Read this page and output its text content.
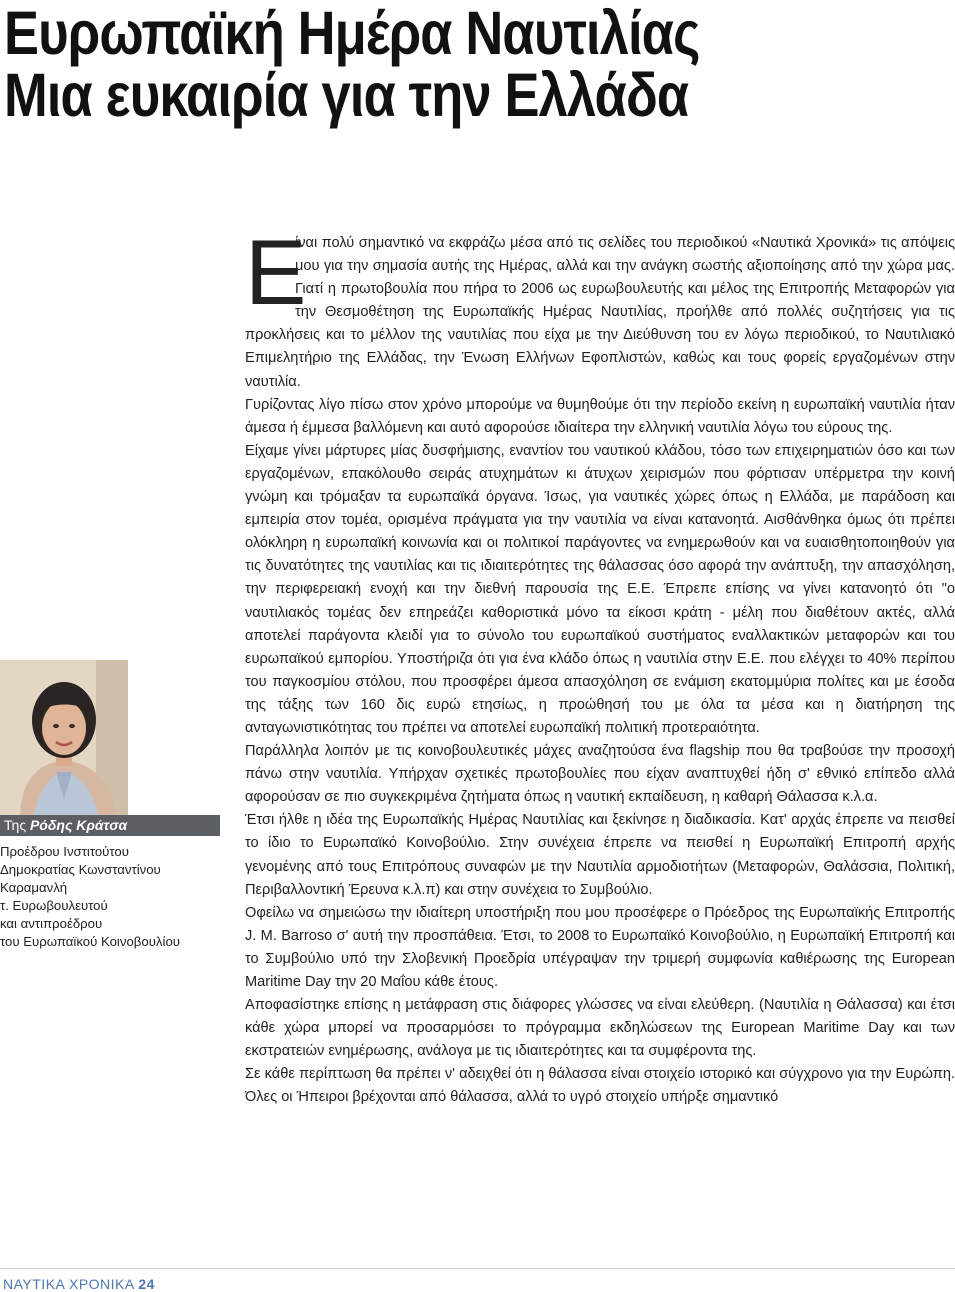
Ευρωπαϊκή Ημέρα Ναυτιλίας
Μια ευκαιρία για την Ελλάδα
Της Ρόδης Κράτσα
Προέδρου Ινστιτούτου
Δημοκρατίας Κωνσταντίνου
Καραμανλή
τ. Ευρωβουλευτού
και αντιπροέδρου
του Ευρωπαϊκού Κοινοβουλίου

Ε
ίναι πολύ σημαντικό να εκφράζω μέσα από τις σελίδες του περιοδικού «Ναυτικά Χρονικά» τις απόψεις μου για την σημασία αυτής της Ημέρας, αλλά και την ανάγκη σωστής αξιοποίησης από την χώρα μας. Γιατί η πρωτοβουλία που πήρα το 2006 ως ευρωβουλευτής και μέλος της Επιτροπής Μεταφορών για την Θεσμοθέτηση της Ευρωπαϊκής Ημέρας Ναυτιλίας, προήλθε από πολλές συζητήσεις για τις προκλήσεις και το μέλλον της ναυτιλίας που είχα με την Διεύθυνση του εν λόγω περιοδικού, το Ναυτιλιακό Επιμελητήριο της Ελλάδας, την Ένωση Ελλήνων Εφοπλιστών, καθώς και τους φορείς εργαζομένων στην ναυτιλία.

Γυρίζοντας λίγο πίσω στον χρόνο μπορούμε να θυμηθούμε ότι την περίοδο εκείνη η ευρωπαϊκή ναυτιλία ήταν άμεσα ή έμμεσα βαλλόμενη και αυτό αφορούσε ιδιαίτερα την ελληνική ναυτιλία λόγω του εύρους της.

Είχαμε γίνει μάρτυρες μίας δυσφήμισης, εναντίον του ναυτικού κλάδου, τόσο των επιχειρηματιών όσο και των εργαζομένων, επακόλουθο σειράς ατυχημάτων κι άτυχων χειρισμών που φόρτισαν υπέρμετρα την κοινή γνώμη και τρόμαξαν τα ευρωπαϊκά όργανα. Ίσως, για ναυτικές χώρες όπως η Ελλάδα, με παράδοση και εμπειρία στον τομέα, ορισμένα πράγματα για την ναυτιλία να είναι κατανοητά. Αισθάνθηκα όμως ότι πρέπει ολόκληρη η ευρωπαϊκή κοινωνία και οι πολιτικοί παράγοντες να ενημερωθούν και να ευαισθητοποιηθούν για τις δυνατότητες της ναυτιλίας και τις ιδιαιτερότητες της θάλασσας όσο αφορά την ανάπτυξη, την απασχόληση, την περιφερειακή ενοχή και την διεθνή παρουσία της Ε.Ε. Έπρεπε επίσης να γίνει κατανοητό ότι "ο ναυτιλιακός τομέας δεν επηρεάζει καθοριστικά μόνο τα είκοσι κράτη - μέλη που διαθέτουν ακτές, αλλά αποτελεί παράγοντα κλειδί για το σύνολο του ευρωπαϊκού συστήματος εναλλακτικών μεταφορών και του ευρωπαϊκού εμπορίου. Υποστήριζα ότι για ένα κλάδο όπως η ναυτιλία στην Ε.Ε. που ελέγχει το 40% περίπου του παγκοσμίου στόλου, που προσφέρει άμεσα απασχόληση σε ενάμιση εκατομμύρια πολίτες και με έσοδα της τάξης των 160 δις ευρώ ετησίως, η προώθησή του με όλα τα μέσα και η διατήρηση της ανταγωνιστικότητας του πρέπει να αποτελεί ευρωπαϊκή πολιτική προτεραιότητα.

Παράλληλα λοιπόν με τις κοινοβουλευτικές μάχες αναζητούσα ένα flagship που θα τραβούσε την προσοχή πάνω στην ναυτιλία. Υπήρχαν σχετικές πρωτοβουλίες που είχαν αναπτυχθεί ήδη σ' εθνικό επίπεδο αλλά αφορούσαν σε πιο συγκεκριμένα ζητήματα όπως η ναυτική εκπαίδευση, η καθαρή Θάλασσα κ.λ.α.

Έτσι ήλθε η ιδέα της Ευρωπαϊκής Ημέρας Ναυτιλίας και ξεκίνησε η διαδικασία. Κατ' αρχάς έπρεπε να πεισθεί το ίδιο το Ευρωπαϊκό Κοινοβούλιο. Στην συνέχεια έπρεπε να πεισθεί η Ευρωπαϊκή Επιτροπή αρχής γενομένης από τους Επιτρόπους συναφών με την Ναυτιλία αρμοδιοτήτων (Μεταφορών, Θαλάσσια, Πολιτική, Περιβαλλοντική Έρευνα κ.λ.π) και στην συνέχεια το Συμβούλιο.

Οφείλω να σημειώσω την ιδιαίτερη υποστήριξη που μου προσέφερε ο Πρόεδρος της Ευρωπαϊκής Επιτροπής J. M. Barroso σ' αυτή την προσπάθεια. Έτσι, το 2008 το Ευρωπαϊκό Κοινοβούλιο, η Ευρωπαϊκή Επιτροπή και το Συμβούλιο υπό την Σλοβενική Προεδρία υπέγραψαν την τριμερή συμφωνία καθιέρωσης της European Maritime Day την 20 Μαΐου κάθε έτους.

Αποφασίστηκε επίσης η μετάφραση στις διάφορες γλώσσες να είναι ελεύθερη. (Ναυτιλία η Θάλασσα) και έτσι κάθε χώρα μπορεί να προσαρμόσει το πρόγραμμα εκδηλώσεων της European Maritime Day και των εκστρατειών ενημέρωσης, ανάλογα με τις ιδιαιτερότητες και τα συμφέροντα της.

Σε κάθε περίπτωση θα πρέπει ν' αδειχθεί ότι η θάλασσα είναι στοιχείο ιστορικό και σύγχρονο για την Ευρώπη. Όλες οι Ήπειροι βρέχονται από θάλασσα, αλλά το υγρό στοιχείο υπήρξε σημαντικό

ΝΑΥΤΙΚΑ ΧΡΟΝΙΚΑ 24
